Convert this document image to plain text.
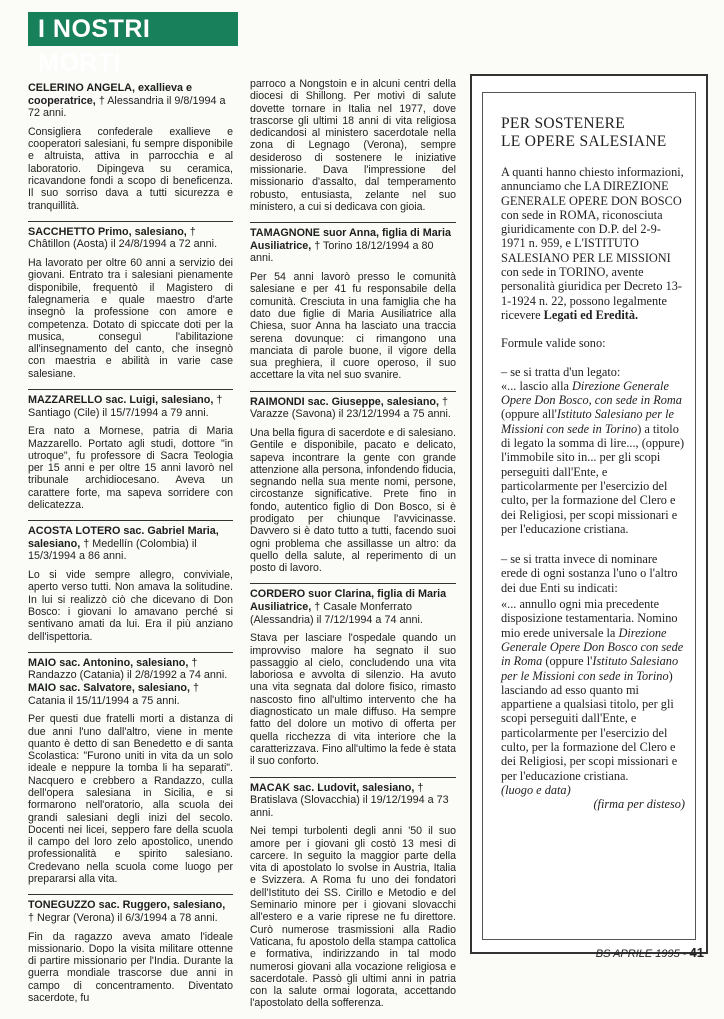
I NOSTRI MORTI

CELERINO ANGELA, exallieva e cooperatrice, † Alessandria il 9/8/1994 a 72 anni.

Consigliera confederale exallieve e cooperatori salesiani, fu sempre disponibile e altruista, attiva in parrocchia e al laboratorio. Dipingeva su ceramica, ricavandone fondi a scopo di beneficenza. Il suo sorriso dava a tutti sicurezza e tranquillità.

SACCHETTO Primo, salesiano, † Châtillon (Aosta) il 24/8/1994 a 72 anni.

Ha lavorato per oltre 60 anni a servizio dei giovani. Entrato tra i salesiani pienamente disponibile, frequentò il Magistero di falegnameria e quale maestro d'arte insegnò la professione con amore e competenza. Dotato di spiccate doti per la musica, conseguì l'abilitazione all'insegnamento del canto, che insegnò con maestria e abilità in varie case salesiane.

MAZZARELLO sac. Luigi, salesiano, † Santiago (Cile) il 15/7/1994 a 79 anni.

Era nato a Mornese, patria di Maria Mazzarello. Portato agli studi, dottore "in utroque", fu professore di Sacra Teologia per 15 anni e per oltre 15 anni lavorò nel tribunale archidiocesano. Aveva un carattere forte, ma sapeva sorridere con delicatezza.

ACOSTA LOTERO sac. Gabriel Maria, salesiano, † Medellín (Colombia) il 15/3/1994 a 86 anni.

Lo si vide sempre allegro, conviviale, aperto verso tutti. Non amava la solitudine. In lui si realizzò ciò che dicevano di Don Bosco: i giovani lo amavano perché si sentivano amati da lui. Era il più anziano dell'ispettoria.

MAIO sac. Antonino, salesiano, † Randazzo (Catania) il 2/8/1992 a 74 anni.
MAIO sac. Salvatore, salesiano, † Catania il 15/11/1994 a 75 anni.

Per questi due fratelli morti a distanza di due anni l'uno dall'altro, viene in mente quanto è detto di san Benedetto e di santa Scolastica: "Furono uniti in vita da un solo ideale e neppure la tomba li ha separati". Nacquero e crebbero a Randazzo, culla dell'opera salesiana in Sicilia, e si formarono nell'oratorio, alla scuola dei grandi salesiani degli inizi del secolo. Docenti nei licei, seppero fare della scuola il campo del loro zelo apostolico, unendo professionalità e spirito salesiano. Credevano nella scuola come luogo per prepararsi alla vita.

TONEGUZZO sac. Ruggero, salesiano, † Negrar (Verona) il 6/3/1994 a 78 anni.

Fin da ragazzo aveva amato l'ideale missionario. Dopo la visita militare ottenne di partire missionario per l'India. Durante la guerra mondiale trascorse due anni in campo di concentramento. Diventato sacerdote, fu

parroco a Nongstoin e in alcuni centri della diocesi di Shillong. Per motivi di salute dovette tornare in Italia nel 1977, dove trascorse gli ultimi 18 anni di vita religiosa dedicandosi al ministero sacerdotale nella zona di Legnago (Verona), sempre desideroso di sostenere le iniziative missionarie. Dava l'impressione del missionario d'assalto, dal temperamento robusto, entusiasta, zelante nel suo ministero, a cui si dedicava con gioia.

TAMAGNONE suor Anna, figlia di Maria Ausiliatrice, † Torino 18/12/1994 a 80 anni.

Per 54 anni lavorò presso le comunità salesiane e per 41 fu responsabile della comunità. Cresciuta in una famiglia che ha dato due figlie di Maria Ausiliatrice alla Chiesa, suor Anna ha lasciato una traccia serena dovunque: ci rimangono una manciata di parole buone, il vigore della sua preghiera, il cuore operoso, il suo accettare la vita nel suo svanire.

RAIMONDI sac. Giuseppe, salesiano, † Varazze (Savona) il 23/12/1994 a 75 anni.

Una bella figura di sacerdote e di salesiano. Gentile e disponibile, pacato e delicato, sapeva incontrare la gente con grande attenzione alla persona, infondendo fiducia, segnando nella sua mente nomi, persone, circostanze significative. Prete fino in fondo, autentico figlio di Don Bosco, si è prodigato per chiunque l'avvicinasse. Davvero si è dato tutto a tutti, facendo suoi ogni problema che assillasse un altro: da quello della salute, al reperimento di un posto di lavoro.

CORDERO suor Clarina, figlia di Maria Ausiliatrice, † Casale Monferrato (Alessandria) il 7/12/1994 a 74 anni.

Stava per lasciare l'ospedale quando un improvviso malore ha segnato il suo passaggio al cielo, concludendo una vita laboriosa e avvolta di silenzio. Ha avuto una vita segnata dal dolore fisico, rimasto nascosto fino all'ultimo intervento che ha diagnosticato un male diffuso. Ha sempre fatto del dolore un motivo di offerta per quella ricchezza di vita interiore che la caratterizzava. Fino all'ultimo la fede è stata il suo conforto.

MACAK sac. Ludovit, salesiano, † Bratislava (Slovacchia) il 19/12/1994 a 73 anni.

Nei tempi turbolenti degli anni '50 il suo amore per i giovani gli costò 13 mesi di carcere. In seguito la maggior parte della vita di apostolato lo svolse in Austria, Italia e Svizzera. A Roma fu uno dei fondatori dell'Istituto dei SS. Cirillo e Metodio e del Seminario minore per i giovani slovacchi all'estero e a varie riprese ne fu direttore. Curò numerose trasmissioni alla Radio Vaticana, fu apostolo della stampa cattolica e formativa, indirizzando in tal modo numerosi giovani alla vocazione religiosa e sacerdotale. Passò gli ultimi anni in patria con la salute ormai logorata, accettando l'apostolato della sofferenza.

PER SOSTENERE
LE OPERE SALESIANE

A quanti hanno chiesto informazioni, annunciamo che LA DIREZIONE GENERALE OPERE DON BOSCO con sede in ROMA, riconosciuta giuridicamente con D.P. del 2-9-1971 n. 959, e L'ISTITUTO SALESIANO PER LE MISSIONI con sede in TORINO, avente personalità giuridica per Decreto 13-1-1924 n. 22, possono legalmente ricevere Legati ed Eredità.

Formule valide sono:

– se si tratta d'un legato:
«... lascio alla Direzione Generale Opere Don Bosco, con sede in Roma (oppure all'Istituto Salesiano per le Missioni con sede in Torino) a titolo di legato la somma di lire..., (oppure) l'immobile sito in... per gli scopi perseguiti dall'Ente, e particolarmente per l'esercizio del culto, per la formazione del Clero e dei Religiosi, per scopi missionari e per l'educazione cristiana.

– se si tratta invece di nominare erede di ogni sostanza l'uno o l'altro dei due Enti su indicati:

«... annullo ogni mia precedente disposizione testamentaria. Nomino mio erede universale la Direzione Generale Opere Don Bosco con sede in Roma (oppure l'Istituto Salesiano per le Missioni con sede in Torino) lasciando ad esso quanto mi appartiene a qualsiasi titolo, per gli scopi perseguiti dall'Ente, e particolarmente per l'esercizio del culto, per la formazione del Clero e dei Religiosi, per scopi missionari e per l'educazione cristiana.
(luogo e data)

(firma per disteso)

BS APRILE 1995 - 41
